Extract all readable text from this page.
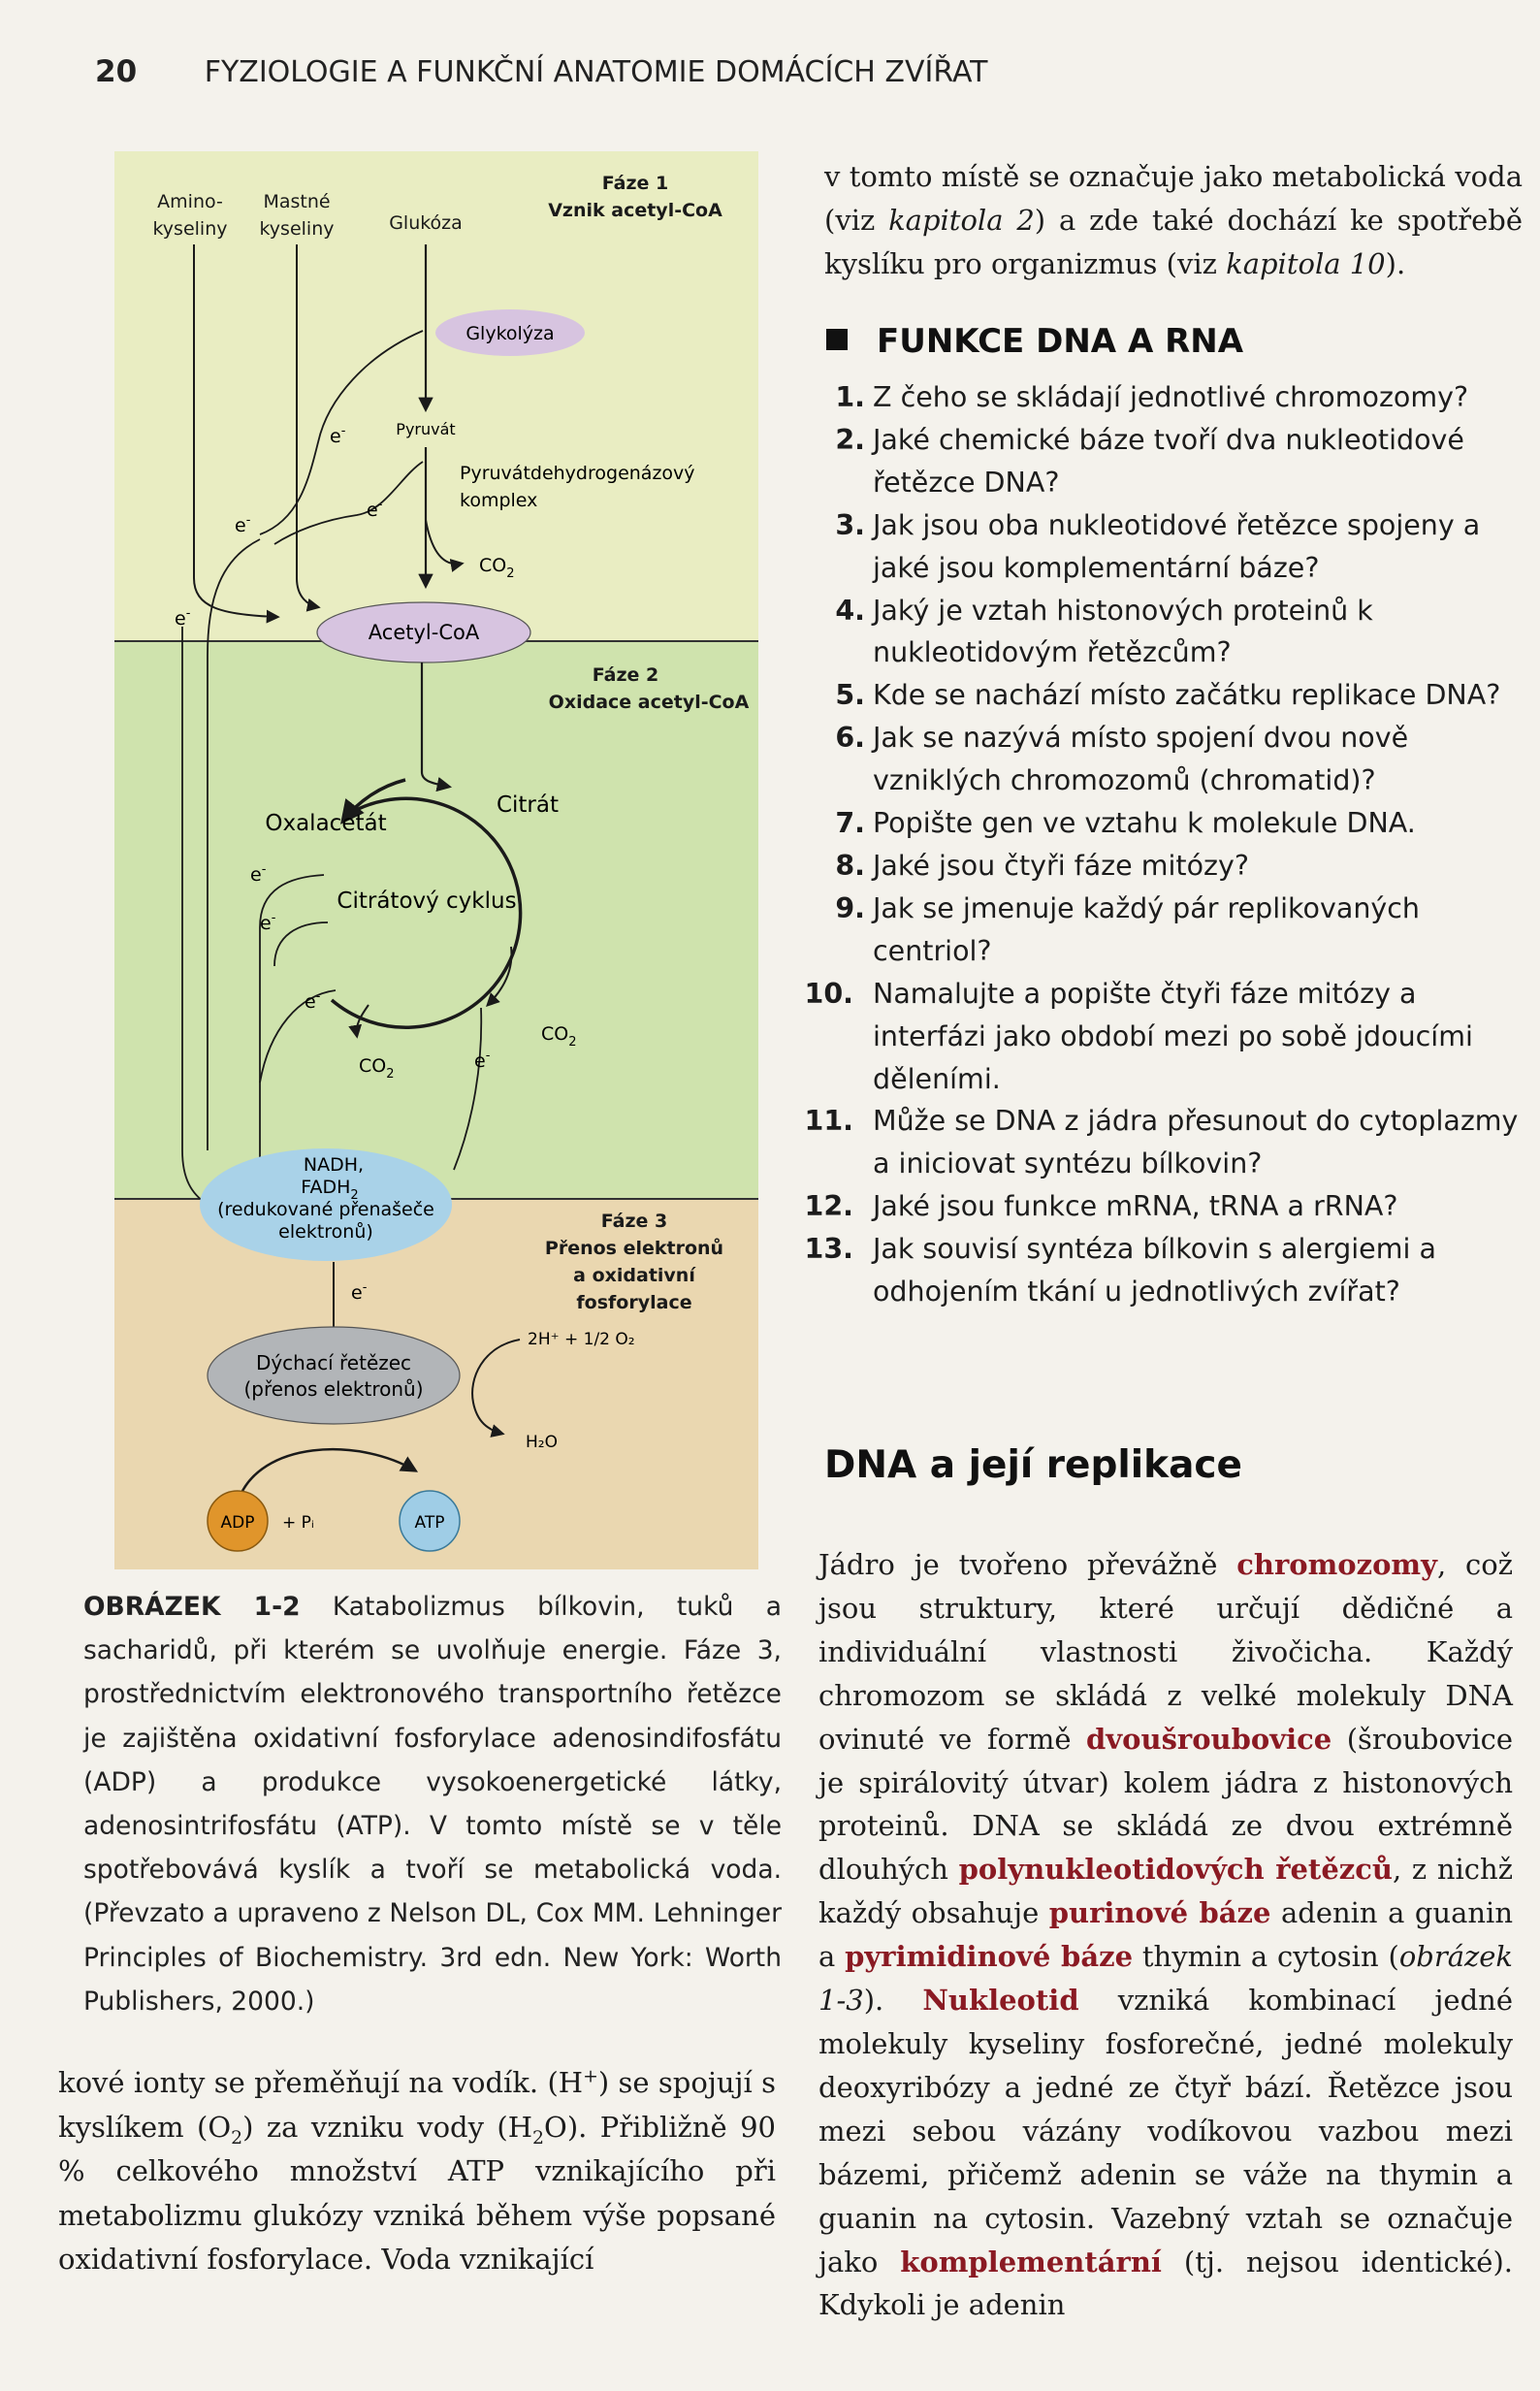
20 FYZIOLOGIE A FUNKČNÍ ANATOMIE DOMÁCÍCH ZVÍŘAT
Fáze 1
Vznik acetyl-CoA
Fáze 2
Oxidace acetyl-CoA
Fáze 3
Přenos elektronů
a oxidativní
fosforylace
Amino-
kyseliny
Mastné
kyseliny	Glukóza
Glykolýza
Pyruvát
$CO_2$
Pyruvátdehydrogenázový
komplex
e-
e-
e-
e-
Acetyl-CoA
Oxalacetát
Citrát
Citrátový cyklus
$CO_2$
$CO_2$
e-
e-
e-
e-
NADH,
$FADH_2$
(redukované přenašeče
elektronů)
e-
Dýchací řetězec
(přenos elektronů)
2H⁺ + 1/2 O₂
H₂O
ADP + Pᵢ	ATP
OBRÁZEK 1-2 Katabolizmus bílkovin, tuků a sacharidů, při kterém se uvolňuje energie. Fáze 3, prostřednictvím elektronového transportního řetězce je zajištěna oxidativní fosforylace adenosindifosfátu (ADP) a produkce vysokoenergetické látky, adenosintrifosfátu (ATP). V tomto místě se v těle spotřebovává kyslík a tvoří se metabolická voda. (Převzato a upraveno z Nelson DL, Cox MM. Lehninger Principles of Biochemistry. 3rd edn. New York: Worth Publishers, 2000.)
kové ionty se přeměňují na vodík. (H+) se spojují s kyslíkem $(O_2)$ za vzniku vody $(H_2O)$. Přibližně 90 % celkového množství ATP vznikajícího při metabolizmu glukózy vzniká během výše popsané oxidativní fosforylace. Voda vznikající
v tomto místě se označuje jako metabolická voda (viz kapitola 2) a zde také dochází ke spotřebě kyslíku pro organizmus (viz kapitola 10).
FUNKCE DNA A RNA
1. Z čeho se skládají jednotlivé chromozomy?
2. Jaké chemické báze tvoří dva nukleotidové řetězce DNA?
3. Jak jsou oba nukleotidové řetězce spojeny a jaké jsou komplementární báze?
4. Jaký je vztah histonových proteinů k nukleotidovým řetězcům?
5. Kde se nachází místo začátku replikace DNA?
6. Jak se nazývá místo spojení dvou nově vzniklých chromozomů (chromatid)?
7. Popište gen ve vztahu k molekule DNA.
8. Jaké jsou čtyři fáze mitózy?
9. Jak se jmenuje každý pár replikovaných centriol?
10. Namalujte a popište čtyři fáze mitózy a interfázi jako období mezi po sobě jdoucími děleními.
11. Může se DNA z jádra přesunout do cytoplazmy a iniciovat syntézu bílkovin?
12. Jaké jsou funkce mRNA, tRNA a rRNA?
13. Jak souvisí syntéza bílkovin s alergiemi a odhojením tkání u jednotlivých zvířat?
DNA a její replikace
Jádro je tvořeno převážně chromozomy, což jsou struktury, které určují dědičné a individuální vlastnosti živočicha. Každý chromozom se skládá z velké molekuly DNA ovinuté ve formě dvoušroubovice (šroubovice je spirálovitý útvar) kolem jádra z histonových proteinů. DNA se skládá ze dvou extrémně dlouhých polynukleotidových řetězců, z nichž každý obsahuje purinové báze adenin a guanin a pyrimidinové báze thymin a cytosin (obrázek 1-3). Nukleotid vzniká kombinací jedné molekuly kyseliny fosforečné, jedné molekuly deoxyribózy a jedné ze čtyř bází. Řetězce jsou mezi sebou vázány vodíkovou vazbou mezi bázemi, přičemž adenin se váže na thymin a guanin na cytosin. Vazebný vztah se označuje jako komplementární (tj. nejsou identické). Kdykoli je adenin
